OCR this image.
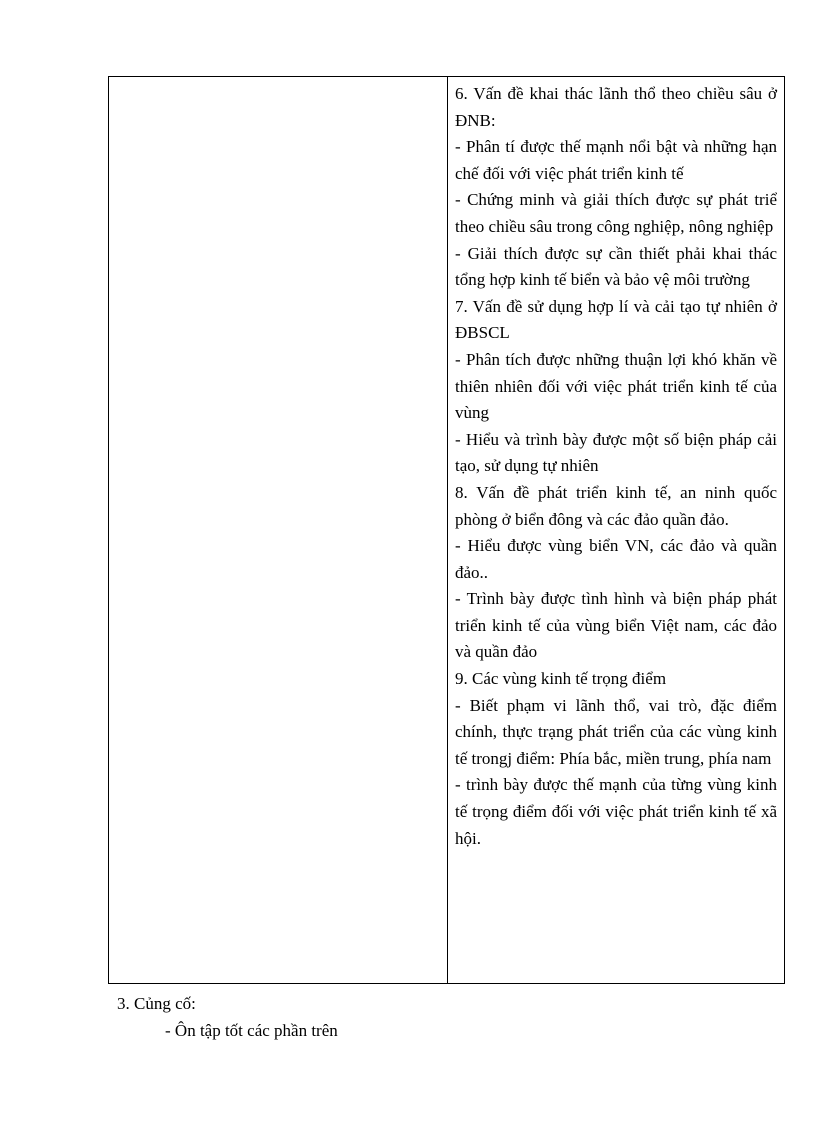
6. Vấn đề khai thác lãnh thổ theo chiều sâu ở ĐNB:

- Phân tí được thế mạnh nổi bật và những hạn chế đối với việc phát triển kinh tế

- Chứng minh và giải thích được sự phát triể theo chiều sâu trong công nghiệp, nông nghiệp

- Giải thích được sự cần thiết phải khai thác tổng hợp kinh tế biển và bảo vệ môi trường

7. Vấn đề sử dụng hợp lí và cải tạo tự nhiên ở ĐBSCL

- Phân tích được những thuận lợi khó khăn về thiên nhiên đối với việc phát triển kinh tế của vùng

- Hiểu và trình bày được một số biện pháp cải tạo, sử dụng tự nhiên

8. Vấn đề phát triển kinh tế, an ninh quốc phòng ở biển đông và các đảo quần đảo.

- Hiểu được vùng biển VN, các đảo và quần đảo..

- Trình bày được tình hình và biện pháp phát triển kinh tế của vùng biển Việt nam, các đảo và quần đảo

9. Các vùng kinh tế trọng điểm

- Biết phạm vi lãnh thổ, vai trò, đặc điểm chính, thực trạng phát triển của các vùng kinh tế trongj điểm: Phía bắc, miền trung, phía nam

- trình bày được thế mạnh của từng vùng kinh tế trọng điểm đối với việc phát triển kinh tế xã hội.

3. Củng cố:

- Ôn tập tốt các phần trên
